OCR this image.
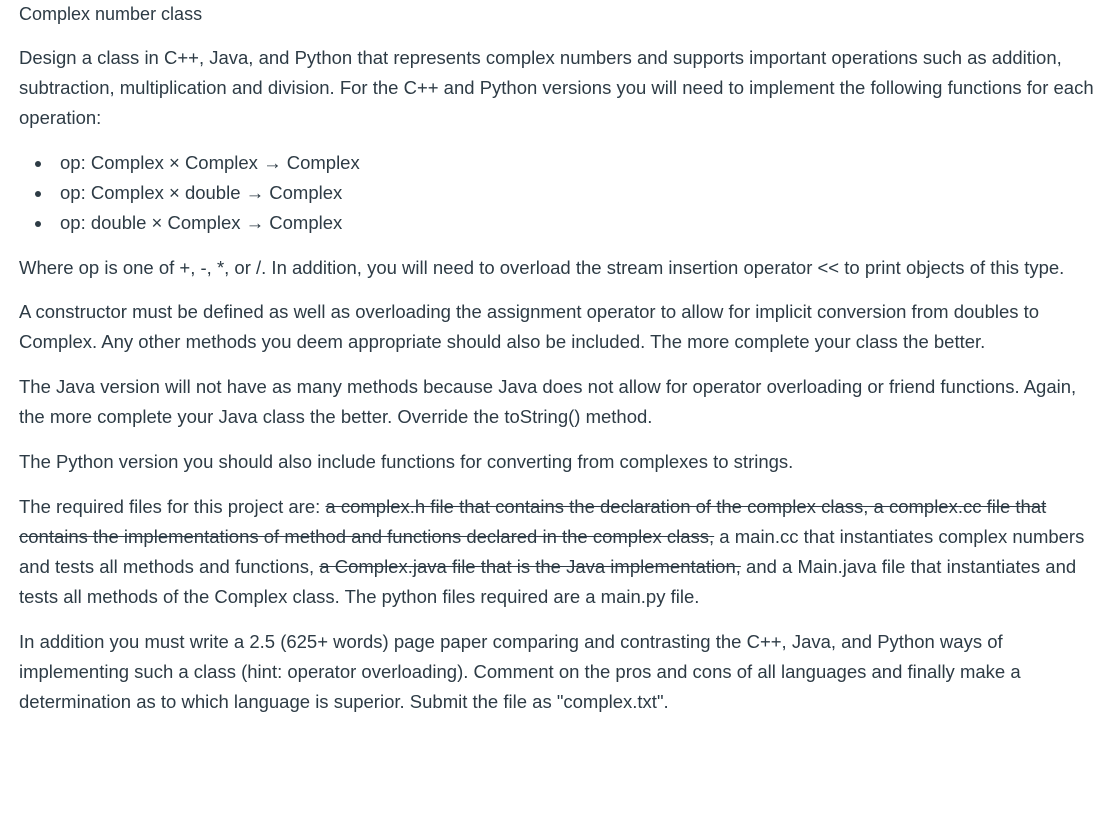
Complex number class

Design a class in C++, Java, and Python that represents complex numbers and supports important operations such as addition, subtraction, multiplication and division. For the C++ and Python versions you will need to implement the following functions for each operation:

op: Complex × Complex → Complex
op: Complex × double → Complex
op: double × Complex → Complex

Where op is one of +, -, *, or /. In addition, you will need to overload the stream insertion operator << to print objects of this type.

A constructor must be defined as well as overloading the assignment operator to allow for implicit conversion from doubles to Complex. Any other methods you deem appropriate should also be included. The more complete your class the better.

The Java version will not have as many methods because Java does not allow for operator overloading or friend functions. Again, the more complete your Java class the better. Override the toString() method.

The Python version you should also include functions for converting from complexes to strings.

The required files for this project are: a complex.h file that contains the declaration of the complex class, a complex.cc file that contains the implementations of method and functions declared in the complex class, a main.cc that instantiates complex numbers and tests all methods and functions, a Complex.java file that is the Java implementation, and a Main.java file that instantiates and tests all methods of the Complex class. The python files required are a main.py file.

In addition you must write a 2.5 (625+ words) page paper comparing and contrasting the C++, Java, and Python ways of implementing such a class (hint: operator overloading). Comment on the pros and cons of all languages and finally make a determination as to which language is superior. Submit the file as "complex.txt".
